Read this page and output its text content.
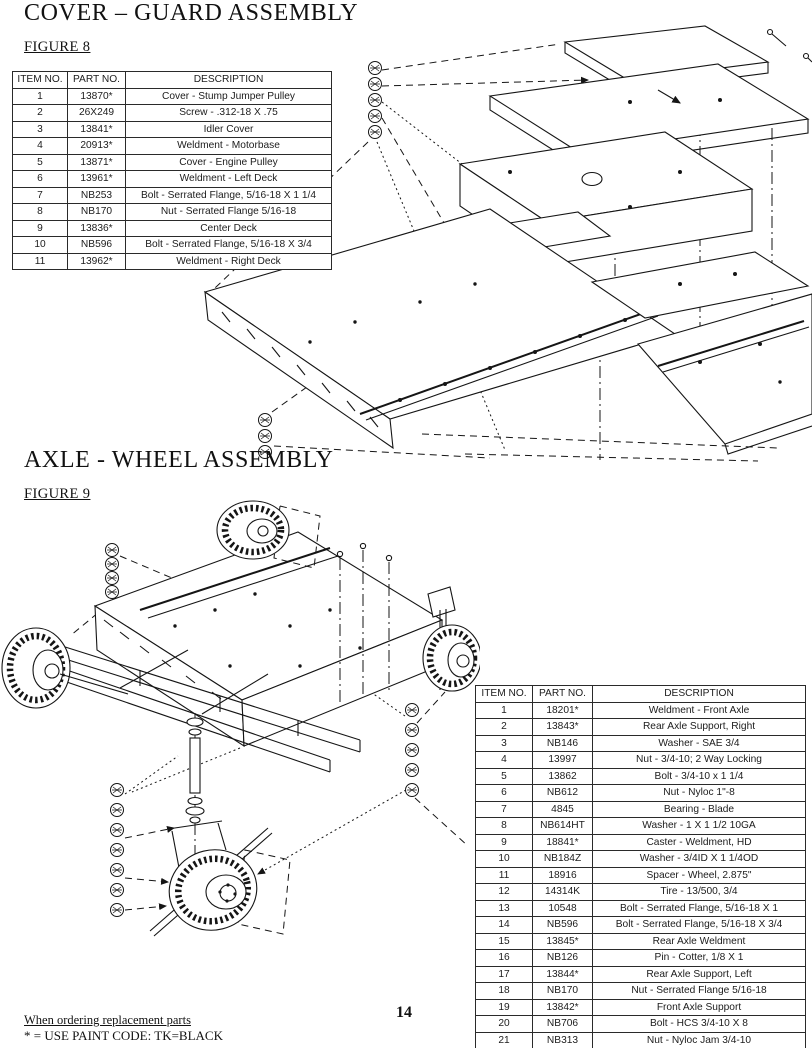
COVER – GUARD ASSEMBLY
FIGURE 8
ITEM NO.	PART NO.	DESCRIPTION
1	13870*	Cover - Stump Jumper Pulley
2	26X249	Screw - .312-18 X .75
3	13841*	Idler Cover
4	20913*	Weldment - Motorbase
5	13871*	Cover - Engine Pulley
6	13961*	Weldment - Left Deck
7	NB253	Bolt - Serrated Flange, 5/16-18 X 1 1/4
8	NB170	Nut - Serrated Flange 5/16-18
9	13836*	Center Deck
10	NB596	Bolt - Serrated Flange, 5/16-18 X 3/4
11	13962*	Weldment - Right Deck
AXLE - WHEEL ASSEMBLY
FIGURE 9
ITEM NO.	PART NO.	DESCRIPTION
1	18201*	Weldment - Front Axle
2	13843*	Rear Axle Support, Right
3	NB146	Washer - SAE 3/4
4	13997	Nut - 3/4-10; 2 Way Locking
5	13862	Bolt - 3/4-10 x 1 1/4
6	NB612	Nut - Nyloc 1"-8
7	4845	Bearing - Blade
8	NB614HT	Washer - 1 X 1 1/2 10GA
9	18841*	Caster - Weldment, HD
10	NB184Z	Washer - 3/4ID X 1 1/4OD
11	18916	Spacer - Wheel, 2.875"
12	14314K	Tire - 13/500, 3/4
13	10548	Bolt - Serrated Flange, 5/16-18 X 1
14	NB596	Bolt - Serrated Flange, 5/16-18 X 3/4
15	13845*	Rear Axle Weldment
16	NB126	Pin - Cotter, 1/8 X 1
17	13844*	Rear Axle Support, Left
18	NB170	Nut - Serrated Flange 5/16-18
19	13842*	Front Axle Support
20	NB706	Bolt - HCS 3/4-10 X 8
21	NB313	Nut - Nyloc Jam 3/4-10
When ordering replacement parts
* = USE PAINT CODE: TK=BLACK
14
